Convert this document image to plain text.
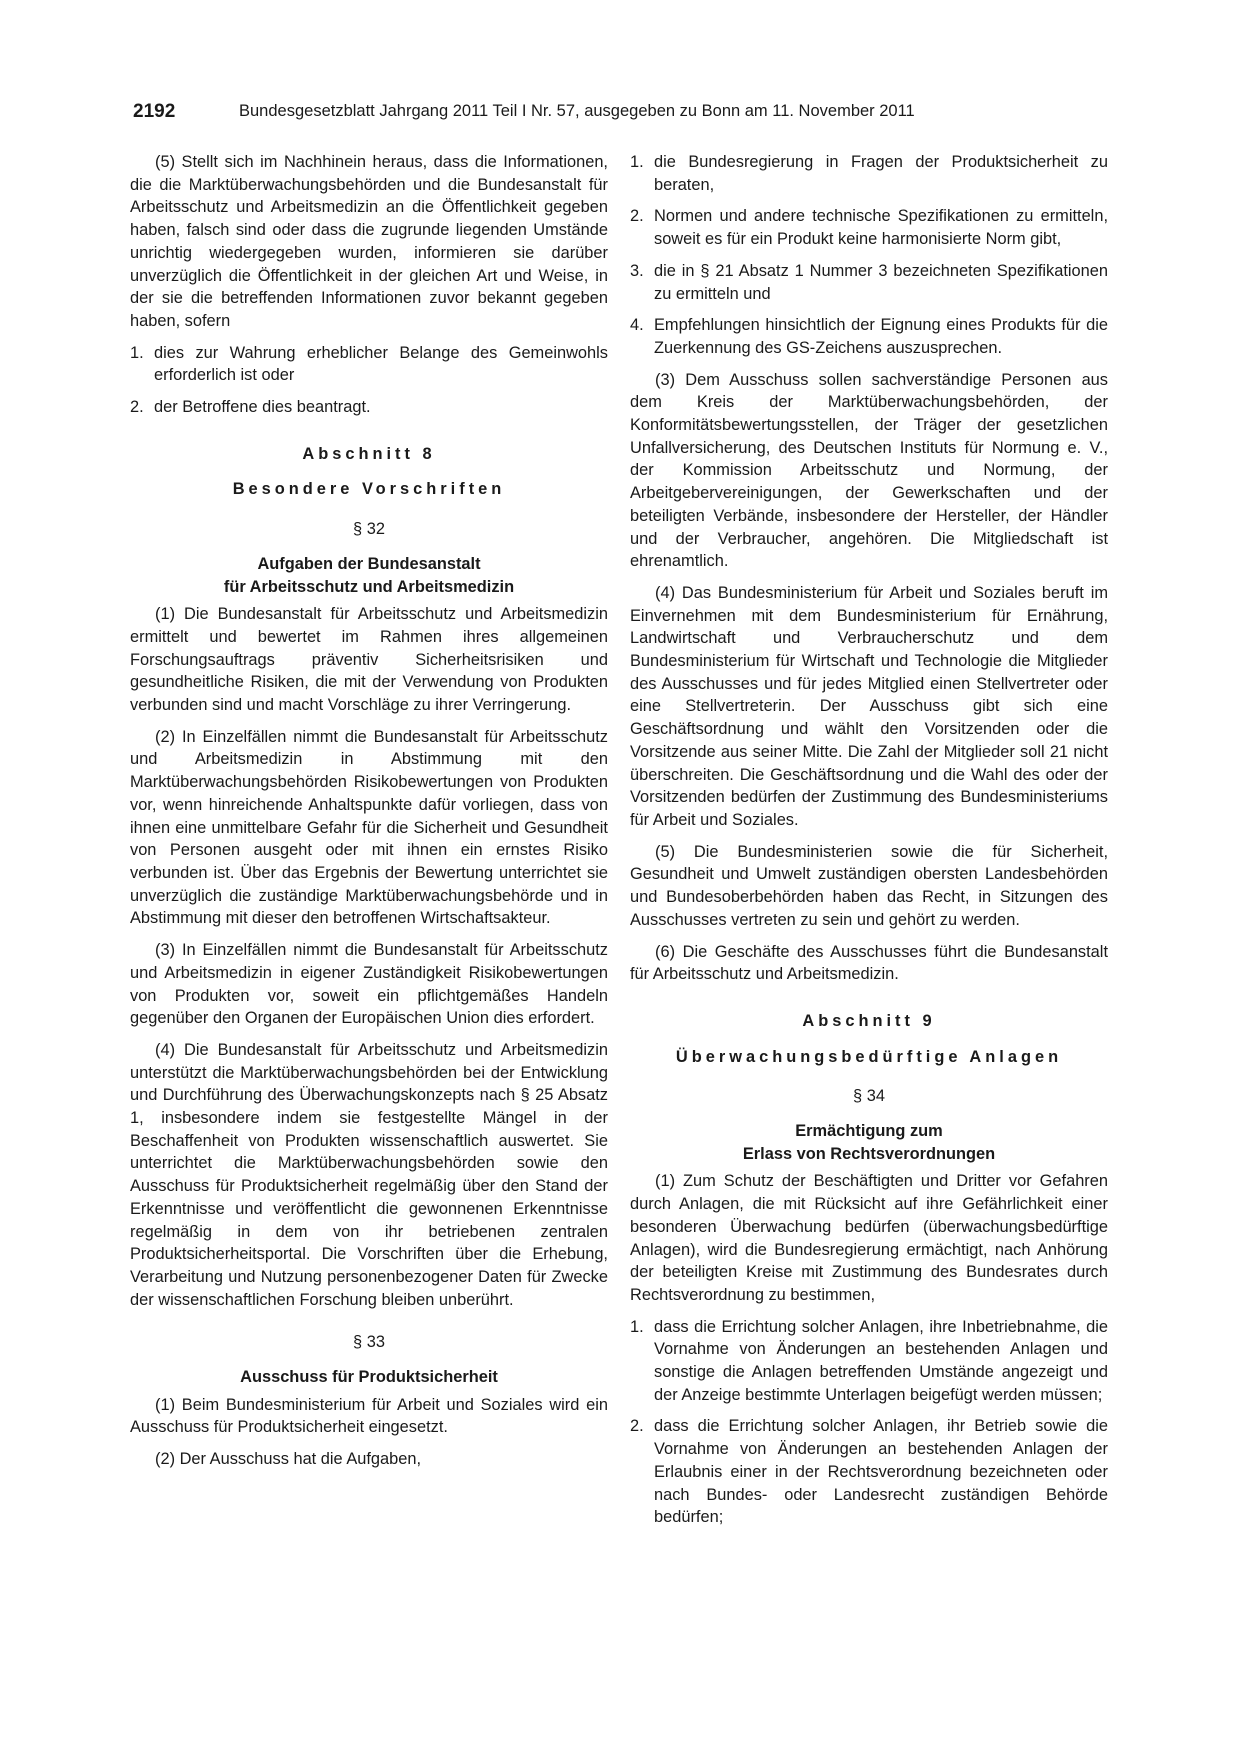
2192	Bundesgesetzblatt Jahrgang 2011 Teil I Nr. 57, ausgegeben zu Bonn am 11. November 2011

(5) Stellt sich im Nachhinein heraus, dass die Informationen, die die Marktüberwachungsbehörden und die Bundesanstalt für Arbeitsschutz und Arbeitsmedizin an die Öffentlichkeit gegeben haben, falsch sind oder dass die zugrunde liegenden Umstände unrichtig wiedergegeben wurden, informieren sie darüber unverzüglich die Öffentlichkeit in der gleichen Art und Weise, in der sie die betreffenden Informationen zuvor bekannt gegeben haben, sofern

1. dies zur Wahrung erheblicher Belange des Gemeinwohls erforderlich ist oder
2. der Betroffene dies beantragt.
Abschnitt 8
Besondere Vorschriften
§ 32
Aufgaben der Bundesanstalt
für Arbeitsschutz und Arbeitsmedizin

(1) Die Bundesanstalt für Arbeitsschutz und Arbeitsmedizin ermittelt und bewertet im Rahmen ihres allgemeinen Forschungsauftrags präventiv Sicherheitsrisiken und gesundheitliche Risiken, die mit der Verwendung von Produkten verbunden sind und macht Vorschläge zu ihrer Verringerung.

(2) In Einzelfällen nimmt die Bundesanstalt für Arbeitsschutz und Arbeitsmedizin in Abstimmung mit den Marktüberwachungsbehörden Risikobewertungen von Produkten vor, wenn hinreichende Anhaltspunkte dafür vorliegen, dass von ihnen eine unmittelbare Gefahr für die Sicherheit und Gesundheit von Personen ausgeht oder mit ihnen ein ernstes Risiko verbunden ist. Über das Ergebnis der Bewertung unterrichtet sie unverzüglich die zuständige Marktüberwachungsbehörde und in Abstimmung mit dieser den betroffenen Wirtschaftsakteur.

(3) In Einzelfällen nimmt die Bundesanstalt für Arbeitsschutz und Arbeitsmedizin in eigener Zuständigkeit Risikobewertungen von Produkten vor, soweit ein pflichtgemäßes Handeln gegenüber den Organen der Europäischen Union dies erfordert.

(4) Die Bundesanstalt für Arbeitsschutz und Arbeitsmedizin unterstützt die Marktüberwachungsbehörden bei der Entwicklung und Durchführung des Überwachungskonzepts nach § 25 Absatz 1, insbesondere indem sie festgestellte Mängel in der Beschaffenheit von Produkten wissenschaftlich auswertet. Sie unterrichtet die Marktüberwachungsbehörden sowie den Ausschuss für Produktsicherheit regelmäßig über den Stand der Erkenntnisse und veröffentlicht die gewonnenen Erkenntnisse regelmäßig in dem von ihr betriebenen zentralen Produktsicherheitsportal. Die Vorschriften über die Erhebung, Verarbeitung und Nutzung personenbezogener Daten für Zwecke der wissenschaftlichen Forschung bleiben unberührt.

§ 33
Ausschuss für Produktsicherheit

(1) Beim Bundesministerium für Arbeit und Soziales wird ein Ausschuss für Produktsicherheit eingesetzt.

(2) Der Ausschuss hat die Aufgaben,

1. die Bundesregierung in Fragen der Produktsicherheit zu beraten,
2. Normen und andere technische Spezifikationen zu ermitteln, soweit es für ein Produkt keine harmonisierte Norm gibt,
3. die in § 21 Absatz 1 Nummer 3 bezeichneten Spezifikationen zu ermitteln und
4. Empfehlungen hinsichtlich der Eignung eines Produkts für die Zuerkennung des GS-Zeichens auszusprechen.

(3) Dem Ausschuss sollen sachverständige Personen aus dem Kreis der Marktüberwachungsbehörden, der Konformitätsbewertungsstellen, der Träger der gesetzlichen Unfallversicherung, des Deutschen Instituts für Normung e. V., der Kommission Arbeitsschutz und Normung, der Arbeitgebervereinigungen, der Gewerkschaften und der beteiligten Verbände, insbesondere der Hersteller, der Händler und der Verbraucher, angehören. Die Mitgliedschaft ist ehrenamtlich.

(4) Das Bundesministerium für Arbeit und Soziales beruft im Einvernehmen mit dem Bundesministerium für Ernährung, Landwirtschaft und Verbraucherschutz und dem Bundesministerium für Wirtschaft und Technologie die Mitglieder des Ausschusses und für jedes Mitglied einen Stellvertreter oder eine Stellvertreterin. Der Ausschuss gibt sich eine Geschäftsordnung und wählt den Vorsitzenden oder die Vorsitzende aus seiner Mitte. Die Zahl der Mitglieder soll 21 nicht überschreiten. Die Geschäftsordnung und die Wahl des oder der Vorsitzenden bedürfen der Zustimmung des Bundesministeriums für Arbeit und Soziales.

(5) Die Bundesministerien sowie die für Sicherheit, Gesundheit und Umwelt zuständigen obersten Landesbehörden und Bundesoberbehörden haben das Recht, in Sitzungen des Ausschusses vertreten zu sein und gehört zu werden.

(6) Die Geschäfte des Ausschusses führt die Bundesanstalt für Arbeitsschutz und Arbeitsmedizin.

Abschnitt 9
Überwachungsbedürftige Anlagen
§ 34
Ermächtigung zum
Erlass von Rechtsverordnungen

(1) Zum Schutz der Beschäftigten und Dritter vor Gefahren durch Anlagen, die mit Rücksicht auf ihre Gefährlichkeit einer besonderen Überwachung bedürfen (überwachungsbedürftige Anlagen), wird die Bundesregierung ermächtigt, nach Anhörung der beteiligten Kreise mit Zustimmung des Bundesrates durch Rechtsverordnung zu bestimmen,

1. dass die Errichtung solcher Anlagen, ihre Inbetriebnahme, die Vornahme von Änderungen an bestehenden Anlagen und sonstige die Anlagen betreffenden Umstände angezeigt und der Anzeige bestimmte Unterlagen beigefügt werden müssen;
2. dass die Errichtung solcher Anlagen, ihr Betrieb sowie die Vornahme von Änderungen an bestehenden Anlagen der Erlaubnis einer in der Rechtsverordnung bezeichneten oder nach Bundes- oder Landesrecht zuständigen Behörde bedürfen;
